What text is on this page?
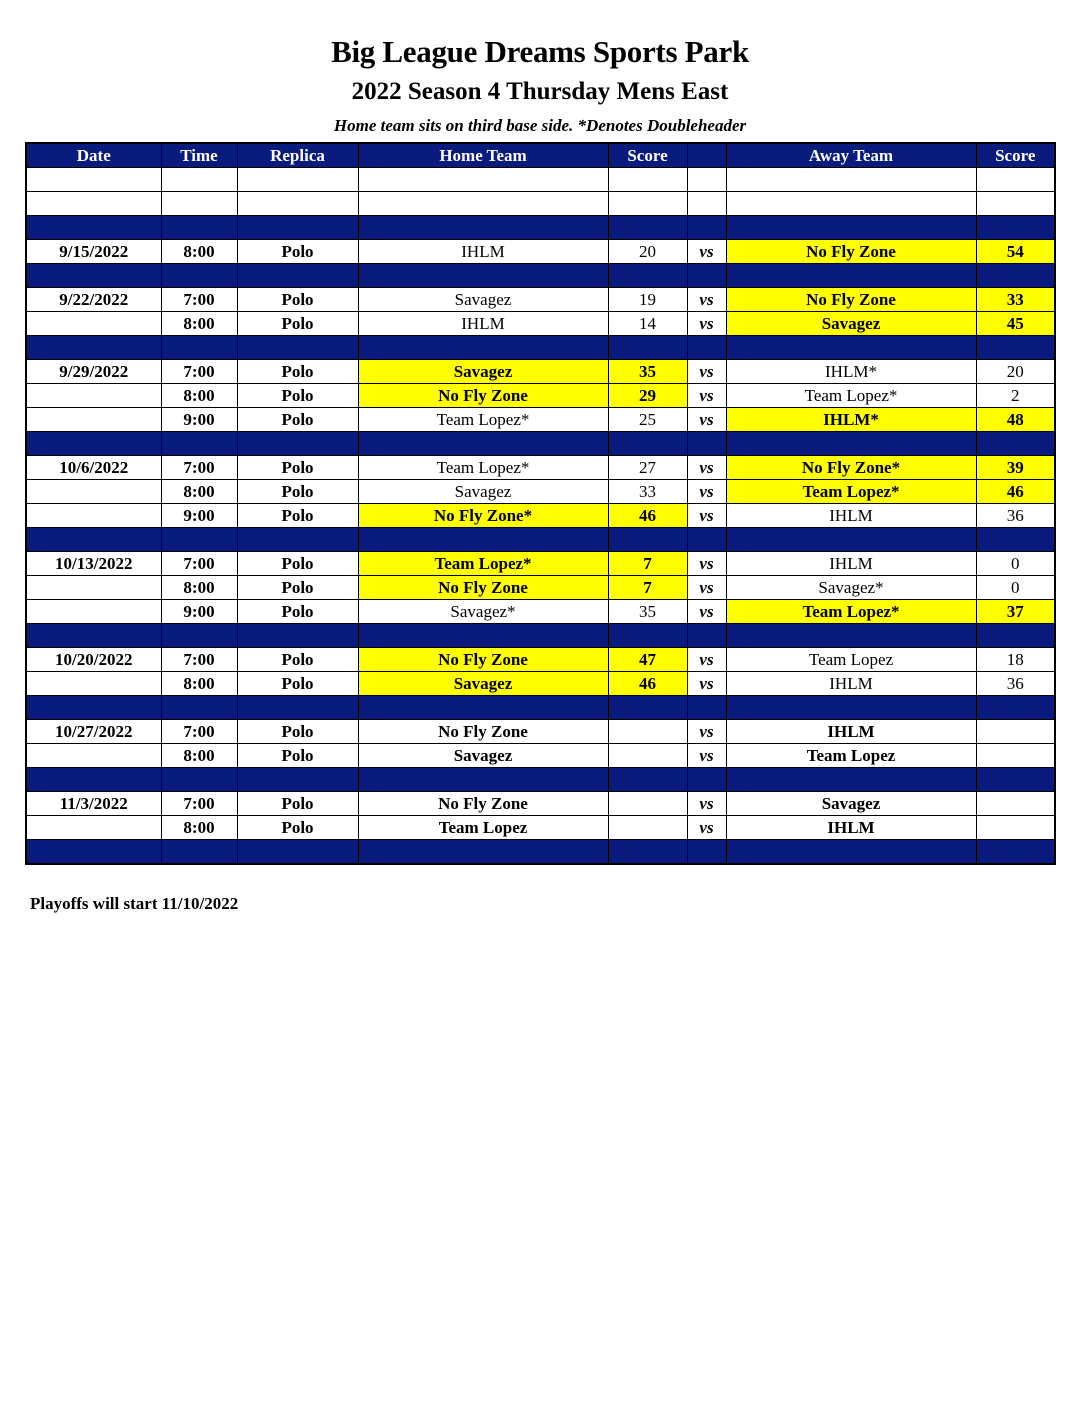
Big League Dreams Sports Park
2022 Season 4 Thursday Mens East
Home team sits on third base side. *Denotes Doubleheader
Date	Time	Replica	Home Team	Score		Away Team	Score

9/15/2022	8:00	Polo	IHLM	20	vs	No Fly Zone	54

9/22/2022	7:00	Polo	Savagez	19	vs	No Fly Zone	33
	8:00	Polo	IHLM	14	vs	Savagez	45

9/29/2022	7:00	Polo	Savagez	35	vs	IHLM*	20
	8:00	Polo	No Fly Zone	29	vs	Team Lopez*	2
	9:00	Polo	Team Lopez*	25	vs	IHLM*	48

10/6/2022	7:00	Polo	Team Lopez*	27	vs	No Fly Zone*	39
	8:00	Polo	Savagez	33	vs	Team Lopez*	46
	9:00	Polo	No Fly Zone*	46	vs	IHLM	36

10/13/2022	7:00	Polo	Team Lopez*	7	vs	IHLM	0
	8:00	Polo	No Fly Zone	7	vs	Savagez*	0
	9:00	Polo	Savagez*	35	vs	Team Lopez*	37

10/20/2022	7:00	Polo	No Fly Zone	47	vs	Team Lopez	18
	8:00	Polo	Savagez	46	vs	IHLM	36

10/27/2022	7:00	Polo	No Fly Zone		vs	IHLM	
	8:00	Polo	Savagez		vs	Team Lopez	

11/3/2022	7:00	Polo	No Fly Zone		vs	Savagez	
	8:00	Polo	Team Lopez		vs	IHLM	

Playoffs will start 11/10/2022
